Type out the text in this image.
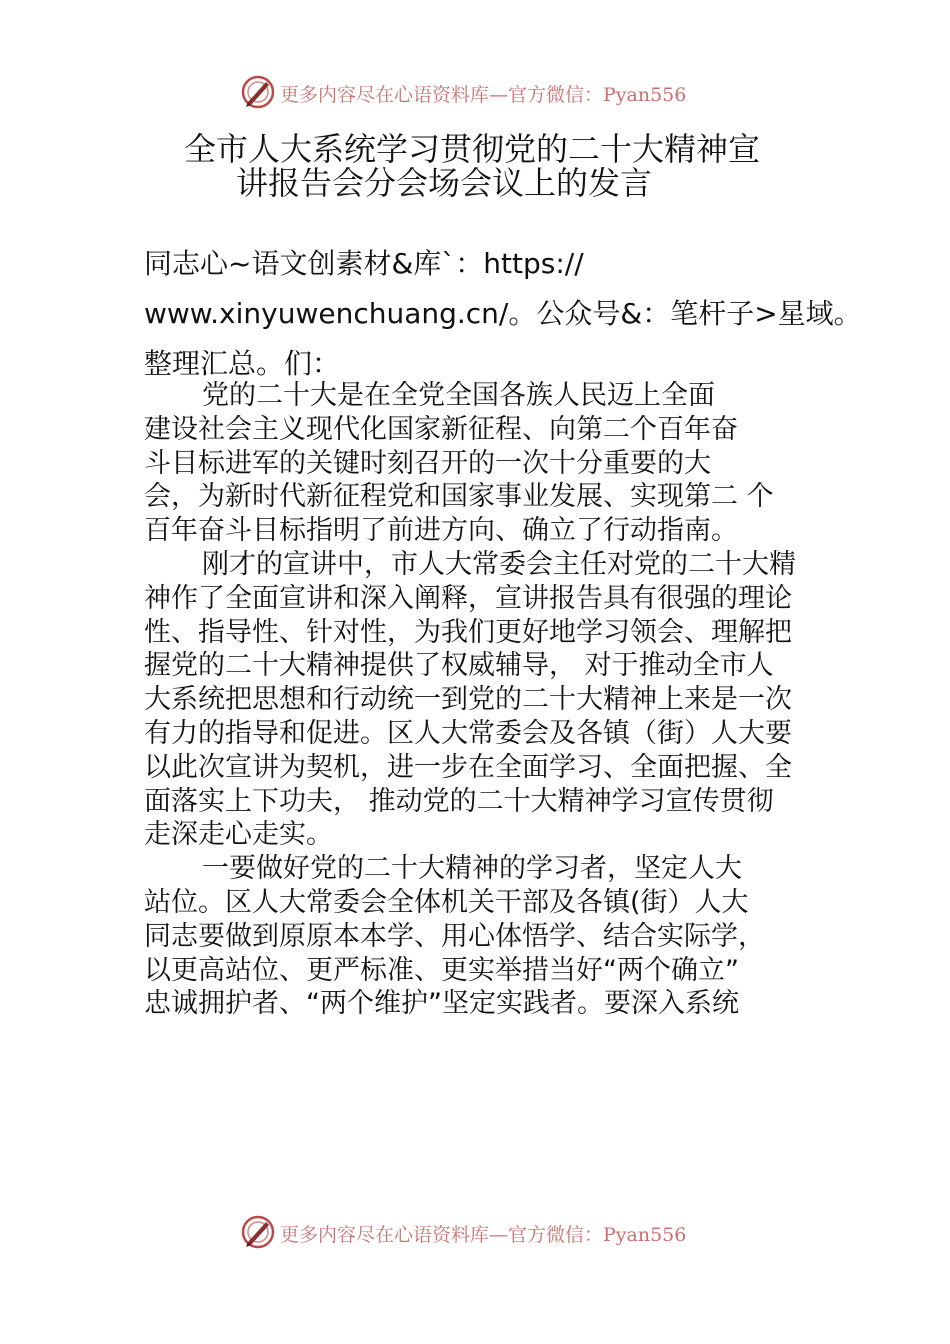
更多内容尽在心语资料库—官方微信：Pyan556
全市人大系统学习贯彻党的二十大精神宣
讲报告会分会场会议上的发言
同志心~语文创素材&库`：https://
www.xinyuwenchuang.cn/。公众号&：笔杆子>星域。
整理汇总。们：
党的二十大是在全党全国各族人民迈上全面
建设社会主义现代化国家新征程、向第二个百年奋
斗目标进军的关键时刻召开的一次十分重要的大
会，为新时代新征程党和国家事业发展、实现第二 个
百年奋斗目标指明了前进方向、确立了行动指南。
刚才的宣讲中，市人大常委会主任对党的二十大精
神作了全面宣讲和深入阐释，宣讲报告具有很强的理论
性、指导性、针对性，为我们更好地学习领会、理解把
握党的二十大精神提供了权威辅导， 对于推动全市人
大系统把思想和行动统一到党的二十大精神上来是一次
有力的指导和促进。区人大常委会及各镇（街）人大要
以此次宣讲为契机，进一步在全面学习、全面把握、全
面落实上下功夫， 推动党的二十大精神学习宣传贯彻
走深走心走实。
一要做好党的二十大精神的学习者，坚定人大
站位。区人大常委会全体机关干部及各镇(街）人大
同志要做到原原本本学、用心体悟学、结合实际学，
以更高站位、更严标准、更实举措当好“两个确立”
忠诚拥护者、“两个维护”坚定实践者。要深入系统
更多内容尽在心语资料库—官方微信：Pyan556
